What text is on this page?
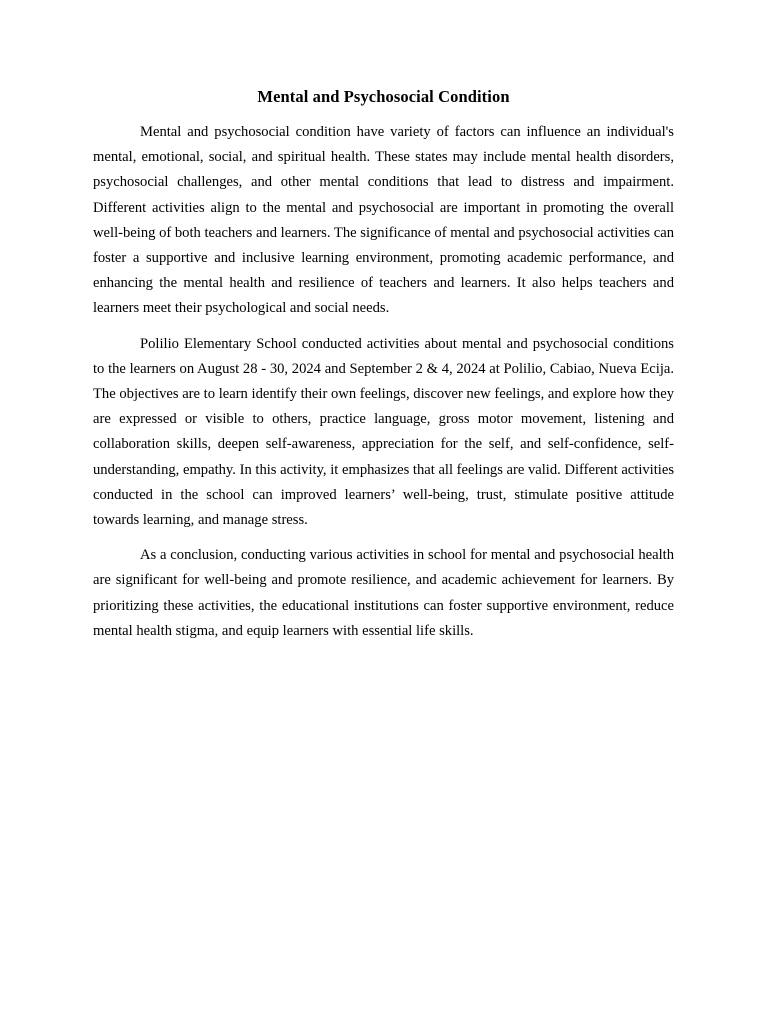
Mental and Psychosocial Condition

Mental and psychosocial condition have variety of factors can influence an individual's mental, emotional, social, and spiritual health. These states may include mental health disorders, psychosocial challenges, and other mental conditions that lead to distress and impairment. Different activities align to the mental and psychosocial are important in promoting the overall well-being of both teachers and learners. The significance of mental and psychosocial activities can foster a supportive and inclusive learning environment, promoting academic performance, and enhancing the mental health and resilience of teachers and learners. It also helps teachers and learners meet their psychological and social needs.

Polilio Elementary School conducted activities about mental and psychosocial conditions to the learners on August 28 - 30, 2024 and September 2 & 4, 2024 at Polilio, Cabiao, Nueva Ecija. The objectives are to learn identify their own feelings, discover new feelings, and explore how they are expressed or visible to others, practice language, gross motor movement, listening and collaboration skills, deepen self-awareness, appreciation for the self, and self-confidence, self-understanding, empathy. In this activity, it emphasizes that all feelings are valid. Different activities conducted in the school can improved learners’ well-being, trust, stimulate positive attitude towards learning, and manage stress.

As a conclusion, conducting various activities in school for mental and psychosocial health are significant for well-being and promote resilience, and academic achievement for learners. By prioritizing these activities, the educational institutions can foster supportive environment, reduce mental health stigma, and equip learners with essential life skills.
